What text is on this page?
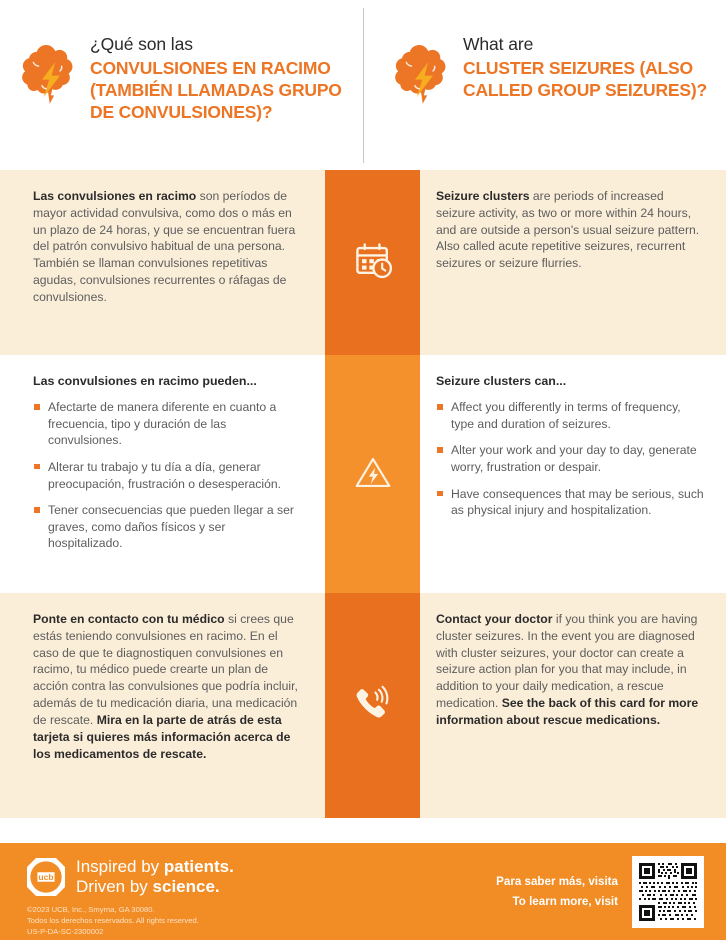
¿Qué son las
CONVULSIONES EN RACIMO (TAMBIÉN LLAMADAS GRUPO DE CONVULSIONES)?
What are
CLUSTER SEIZURES (ALSO CALLED GROUP SEIZURES)?
Las convulsiones en racimo son períodos de mayor actividad convulsiva, como dos o más en un plazo de 24 horas, y que se encuentran fuera del patrón convulsivo habitual de una persona. También se llaman convulsiones repetitivas agudas, convulsiones recurrentes o ráfagas de convulsiones.
Seizure clusters are periods of increased seizure activity, as two or more within 24 hours, and are outside a person's usual seizure pattern. Also called acute repetitive seizures, recurrent seizures or seizure flurries.
Las convulsiones en racimo pueden...
Afectarte de manera diferente en cuanto a frecuencia, tipo y duración de las convulsiones.
Alterar tu trabajo y tu día a día, generar preocupación, frustración o desesperación.
Tener consecuencias que pueden llegar a ser graves, como daños físicos y ser hospitalizado.
Seizure clusters can...
Affect you differently in terms of frequency, type and duration of seizures.
Alter your work and your day to day, generate worry, frustration or despair.
Have consequences that may be serious, such as physical injury and hospitalization.
Ponte en contacto con tu médico si crees que estás teniendo convulsiones en racimo. En el caso de que te diagnostiquen convulsiones en racimo, tu médico puede crearte un plan de acción contra las convulsiones que podría incluir, además de tu medicación diaria, una medicación de rescate. Mira en la parte de atrás de esta tarjeta si quieres más información acerca de los medicamentos de rescate.
Contact your doctor if you think you are having cluster seizures. In the event you are diagnosed with cluster seizures, your doctor can create a seizure action plan for you that may include, in addition to your daily medication, a rescue medication. See the back of this card for more information about rescue medications.
ucb
Inspired by patients.
Driven by science.
©2023 UCB, Inc., Smyrna, GA 30080.
Todos los derechos reservados. All rights reserved.
US-P-DA-SC-2300002
Para saber más, visita
To learn more, visit
